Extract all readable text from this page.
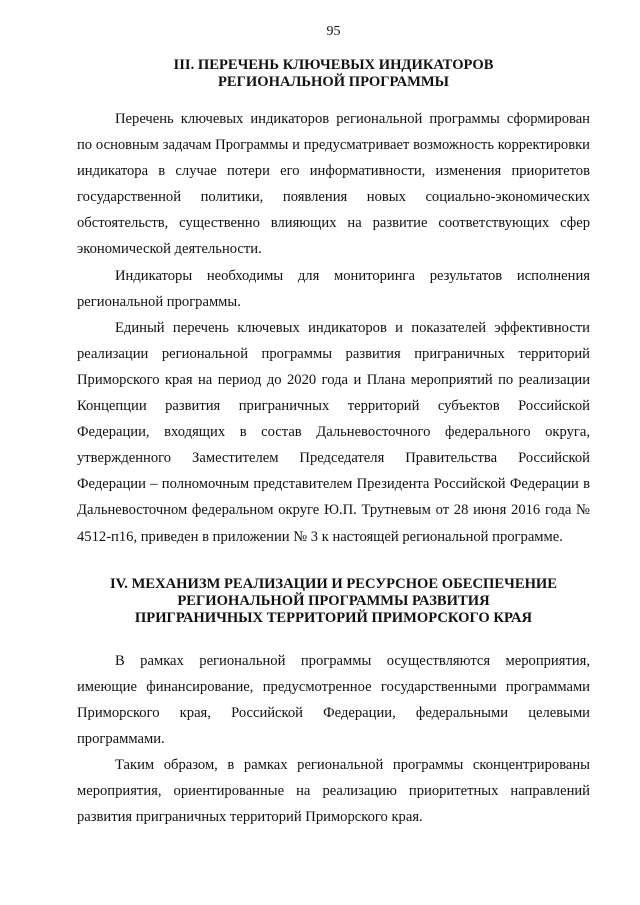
95
III. ПЕРЕЧЕНЬ КЛЮЧЕВЫХ ИНДИКАТОРОВ
РЕГИОНАЛЬНОЙ ПРОГРАММЫ

Перечень ключевых индикаторов региональной программы сформирован по основным задачам Программы и предусматривает возможность корректировки индикатора в случае потери его информативности, изменения приоритетов государственной политики, появления новых социально-экономических обстоятельств, существенно влияющих на развитие соответствующих сфер экономической деятельности.

Индикаторы необходимы для мониторинга результатов исполнения региональной программы.

Единый перечень ключевых индикаторов и показателей эффективности реализации региональной программы развития приграничных территорий Приморского края на период до 2020 года и Плана мероприятий по реализации Концепции развития приграничных территорий субъектов Российской Федерации, входящих в состав Дальневосточного федерального округа, утвержденного Заместителем Председателя Правительства Российской Федерации – полномочным представителем Президента Российской Федерации в Дальневосточном федеральном округе Ю.П. Трутневым от 28 июня 2016 года № 4512-п16, приведен в приложении № 3 к настоящей региональной программе.

IV. МЕХАНИЗМ РЕАЛИЗАЦИИ И РЕСУРСНОЕ ОБЕСПЕЧЕНИЕ
РЕГИОНАЛЬНОЙ ПРОГРАММЫ РАЗВИТИЯ
ПРИГРАНИЧНЫХ ТЕРРИТОРИЙ ПРИМОРСКОГО КРАЯ

В рамках региональной программы осуществляются мероприятия, имеющие финансирование, предусмотренное государственными программами Приморского края, Российской Федерации, федеральными целевыми программами.

Таким образом, в рамках региональной программы сконцентрированы мероприятия, ориентированные на реализацию приоритетных направлений развития приграничных территорий Приморского края.
